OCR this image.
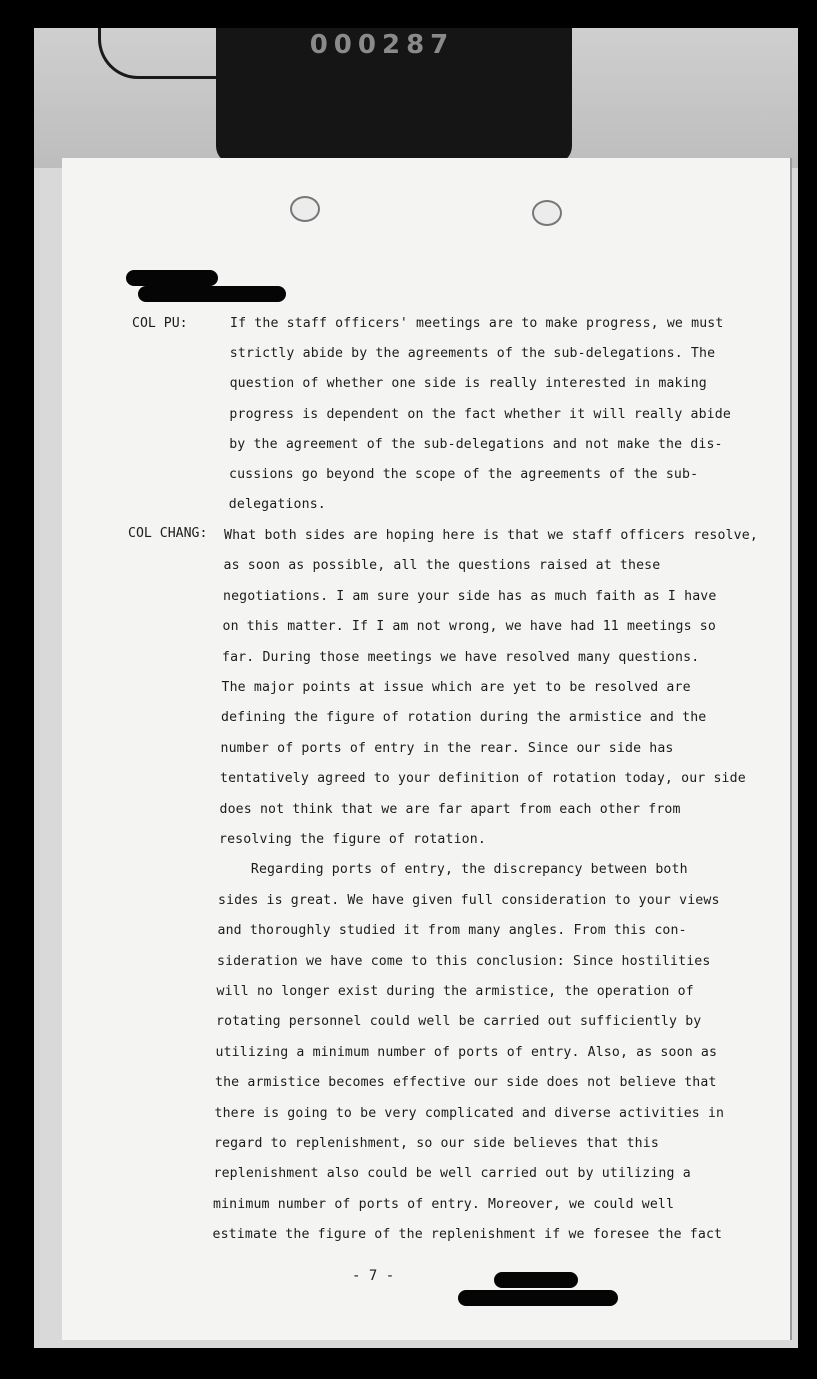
000287
COL PU:
COL CHANG:
If the staff officers' meetings are to make progress, we must
strictly abide by the agreements of the sub-delegations. The
question of whether one side is really interested in making
progress is dependent on the fact whether it will really abide
by the agreement of the sub-delegations and not make the dis-
cussions go beyond the scope of the agreements of the sub-
delegations.
What both sides are hoping here is that we staff officers resolve,
as soon as possible, all the questions raised at these
negotiations. I am sure your side has as much faith as I have
on this matter. If I am not wrong, we have had 11 meetings so
far. During those meetings we have resolved many questions.
The major points at issue which are yet to be resolved are
defining the figure of rotation during the armistice and the
number of ports of entry in the rear. Since our side has
tentatively agreed to your definition of rotation today, our side
does not think that we are far apart from each other from
resolving the figure of rotation.
Regarding ports of entry, the discrepancy between both
sides is great. We have given full consideration to your views
and thoroughly studied it from many angles. From this con-
sideration we have come to this conclusion: Since hostilities
will no longer exist during the armistice, the operation of
rotating personnel could well be carried out sufficiently by
utilizing a minimum number of ports of entry. Also, as soon as
the armistice becomes effective our side does not believe that
there is going to be very complicated and diverse activities in
regard to replenishment, so our side believes that this
replenishment also could be well carried out by utilizing a
minimum number of ports of entry. Moreover, we could well
estimate the figure of the replenishment if we foresee the fact
- 7 -
